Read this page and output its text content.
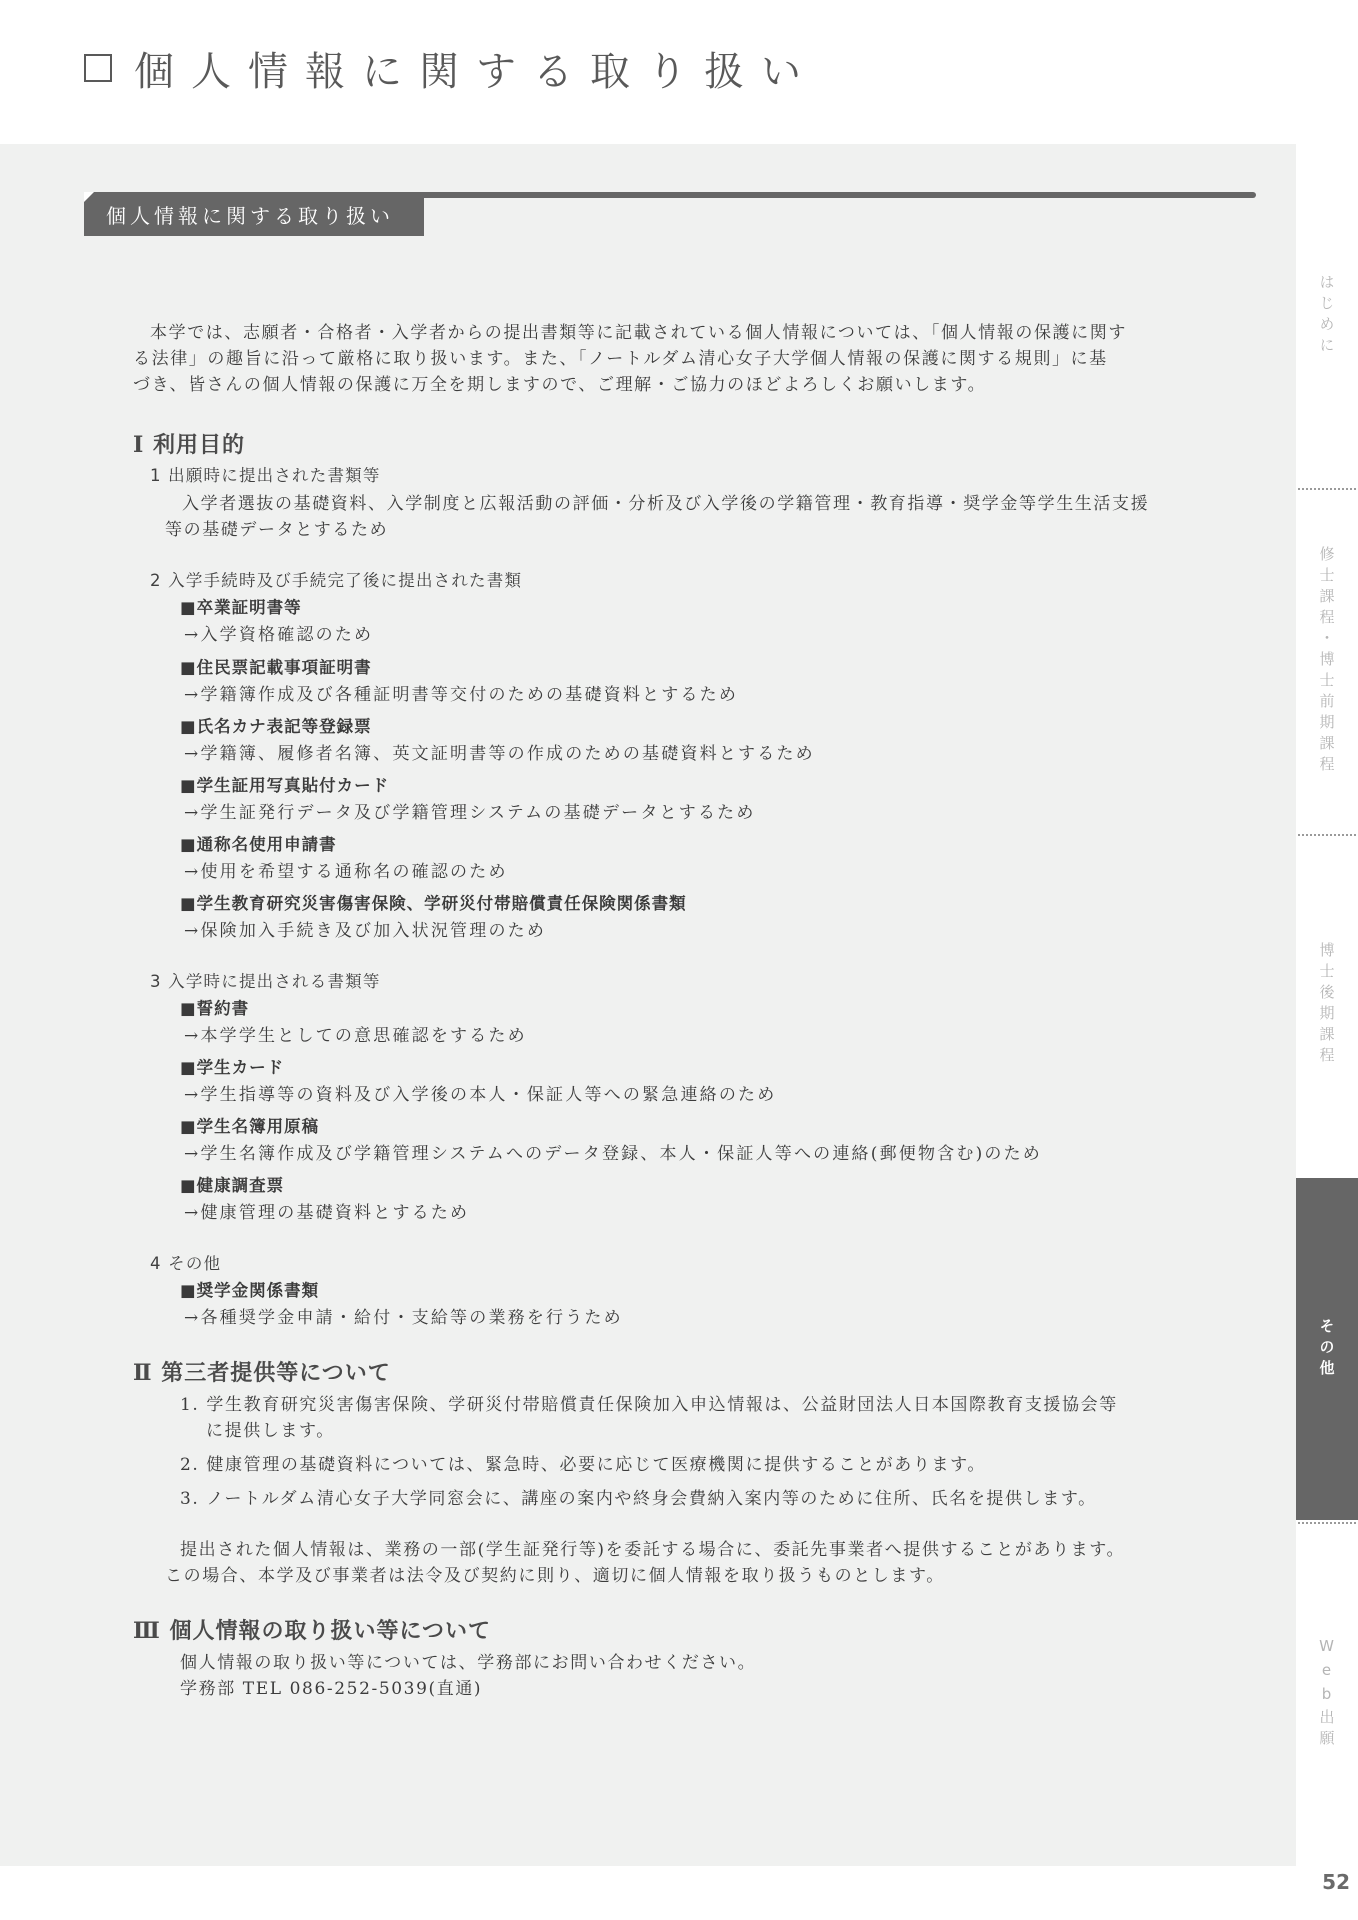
個人情報に関する取り扱い
個人情報に関する取り扱い
本学では、志願者・合格者・入学者からの提出書類等に記載されている個人情報については、「個人情報の保護に関す
る法律」の趣旨に沿って厳格に取り扱います。また、「ノートルダム清心女子大学個人情報の保護に関する規則」に基
づき、皆さんの個人情報の保護に万全を期しますので、ご理解・ご協力のほどよろしくお願いします。
Ⅰ 利用目的
1 出願時に提出された書類等
入学者選抜の基礎資料、入学制度と広報活動の評価・分析及び入学後の学籍管理・教育指導・奨学金等学生生活支援
等の基礎データとするため
2 入学手続時及び手続完了後に提出された書類
■卒業証明書等
→入学資格確認のため
■住民票記載事項証明書
→学籍簿作成及び各種証明書等交付のための基礎資料とするため
■氏名カナ表記等登録票
→学籍簿、履修者名簿、英文証明書等の作成のための基礎資料とするため
■学生証用写真貼付カード
→学生証発行データ及び学籍管理システムの基礎データとするため
■通称名使用申請書
→使用を希望する通称名の確認のため
■学生教育研究災害傷害保険、学研災付帯賠償責任保険関係書類
→保険加入手続き及び加入状況管理のため
3 入学時に提出される書類等
■誓約書
→本学学生としての意思確認をするため
■学生カード
→学生指導等の資料及び入学後の本人・保証人等への緊急連絡のため
■学生名簿用原稿
→学生名簿作成及び学籍管理システムへのデータ登録、本人・保証人等への連絡(郵便物含む)のため
■健康調査票
→健康管理の基礎資料とするため
4 その他
■奨学金関係書類
→各種奨学金申請・給付・支給等の業務を行うため
Ⅱ 第三者提供等について
1. 学生教育研究災害傷害保険、学研災付帯賠償責任保険加入申込情報は、公益財団法人日本国際教育支援協会等
に提供します。
2. 健康管理の基礎資料については、緊急時、必要に応じて医療機関に提供することがあります。
3. ノートルダム清心女子大学同窓会に、講座の案内や終身会費納入案内等のために住所、氏名を提供します。
提出された個人情報は、業務の一部(学生証発行等)を委託する場合に、委託先事業者へ提供することがあります。
この場合、本学及び事業者は法令及び契約に則り、適切に個人情報を取り扱うものとします。
Ⅲ 個人情報の取り扱い等について
個人情報の取り扱い等については、学務部にお問い合わせください。
学務部 TEL 086-252-5039(直通)
はじめに
修士課程・博士前期課程
博士後期課程
その他
Web出願
52
